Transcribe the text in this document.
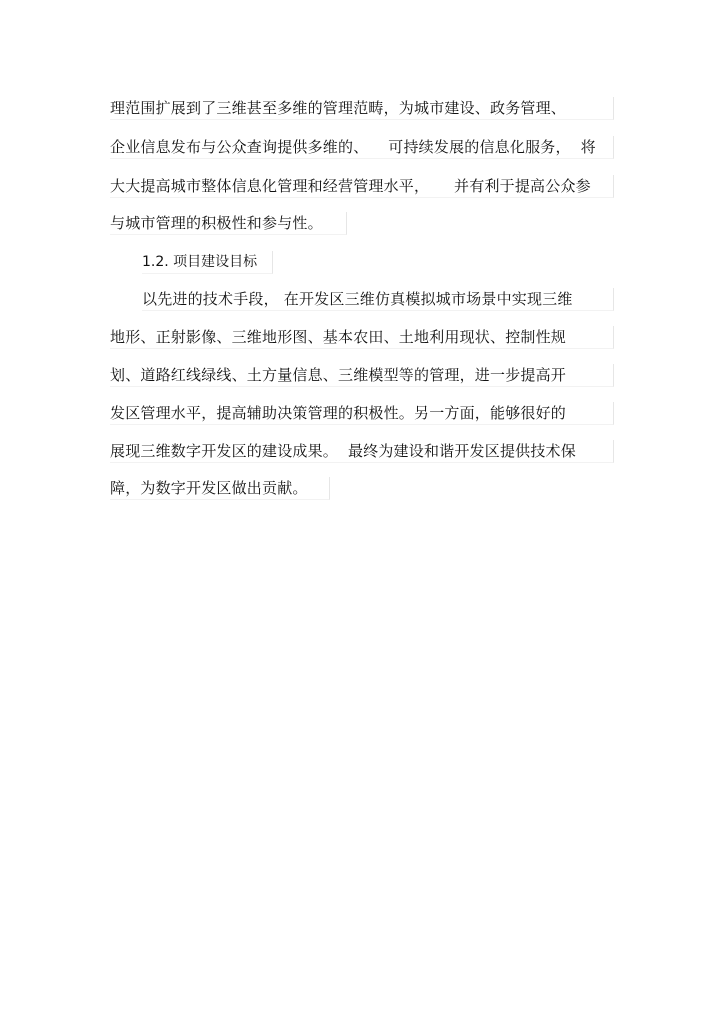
理范围扩展到了三维甚至多维的管理范畴，为城市建设、政务管理、
企业信息发布与公众查询提供多维的、    可持续发展的信息化服务，  将
大大提高城市整体信息化管理和经营管理水平，     并有利于提高公众参
与城市管理的积极性和参与性。
1.2. 项目建设目标
以先进的技术手段， 在开发区三维仿真模拟城市场景中实现三维
地形、正射影像、三维地形图、基本农田、土地利用现状、控制性规
划、道路红线绿线、土方量信息、三维模型等的管理，进一步提高开
发区管理水平，提高辅助决策管理的积极性。另一方面，能够很好的
展现三维数字开发区的建设成果。  最终为建设和谐开发区提供技术保
障，为数字开发区做出贡献。
